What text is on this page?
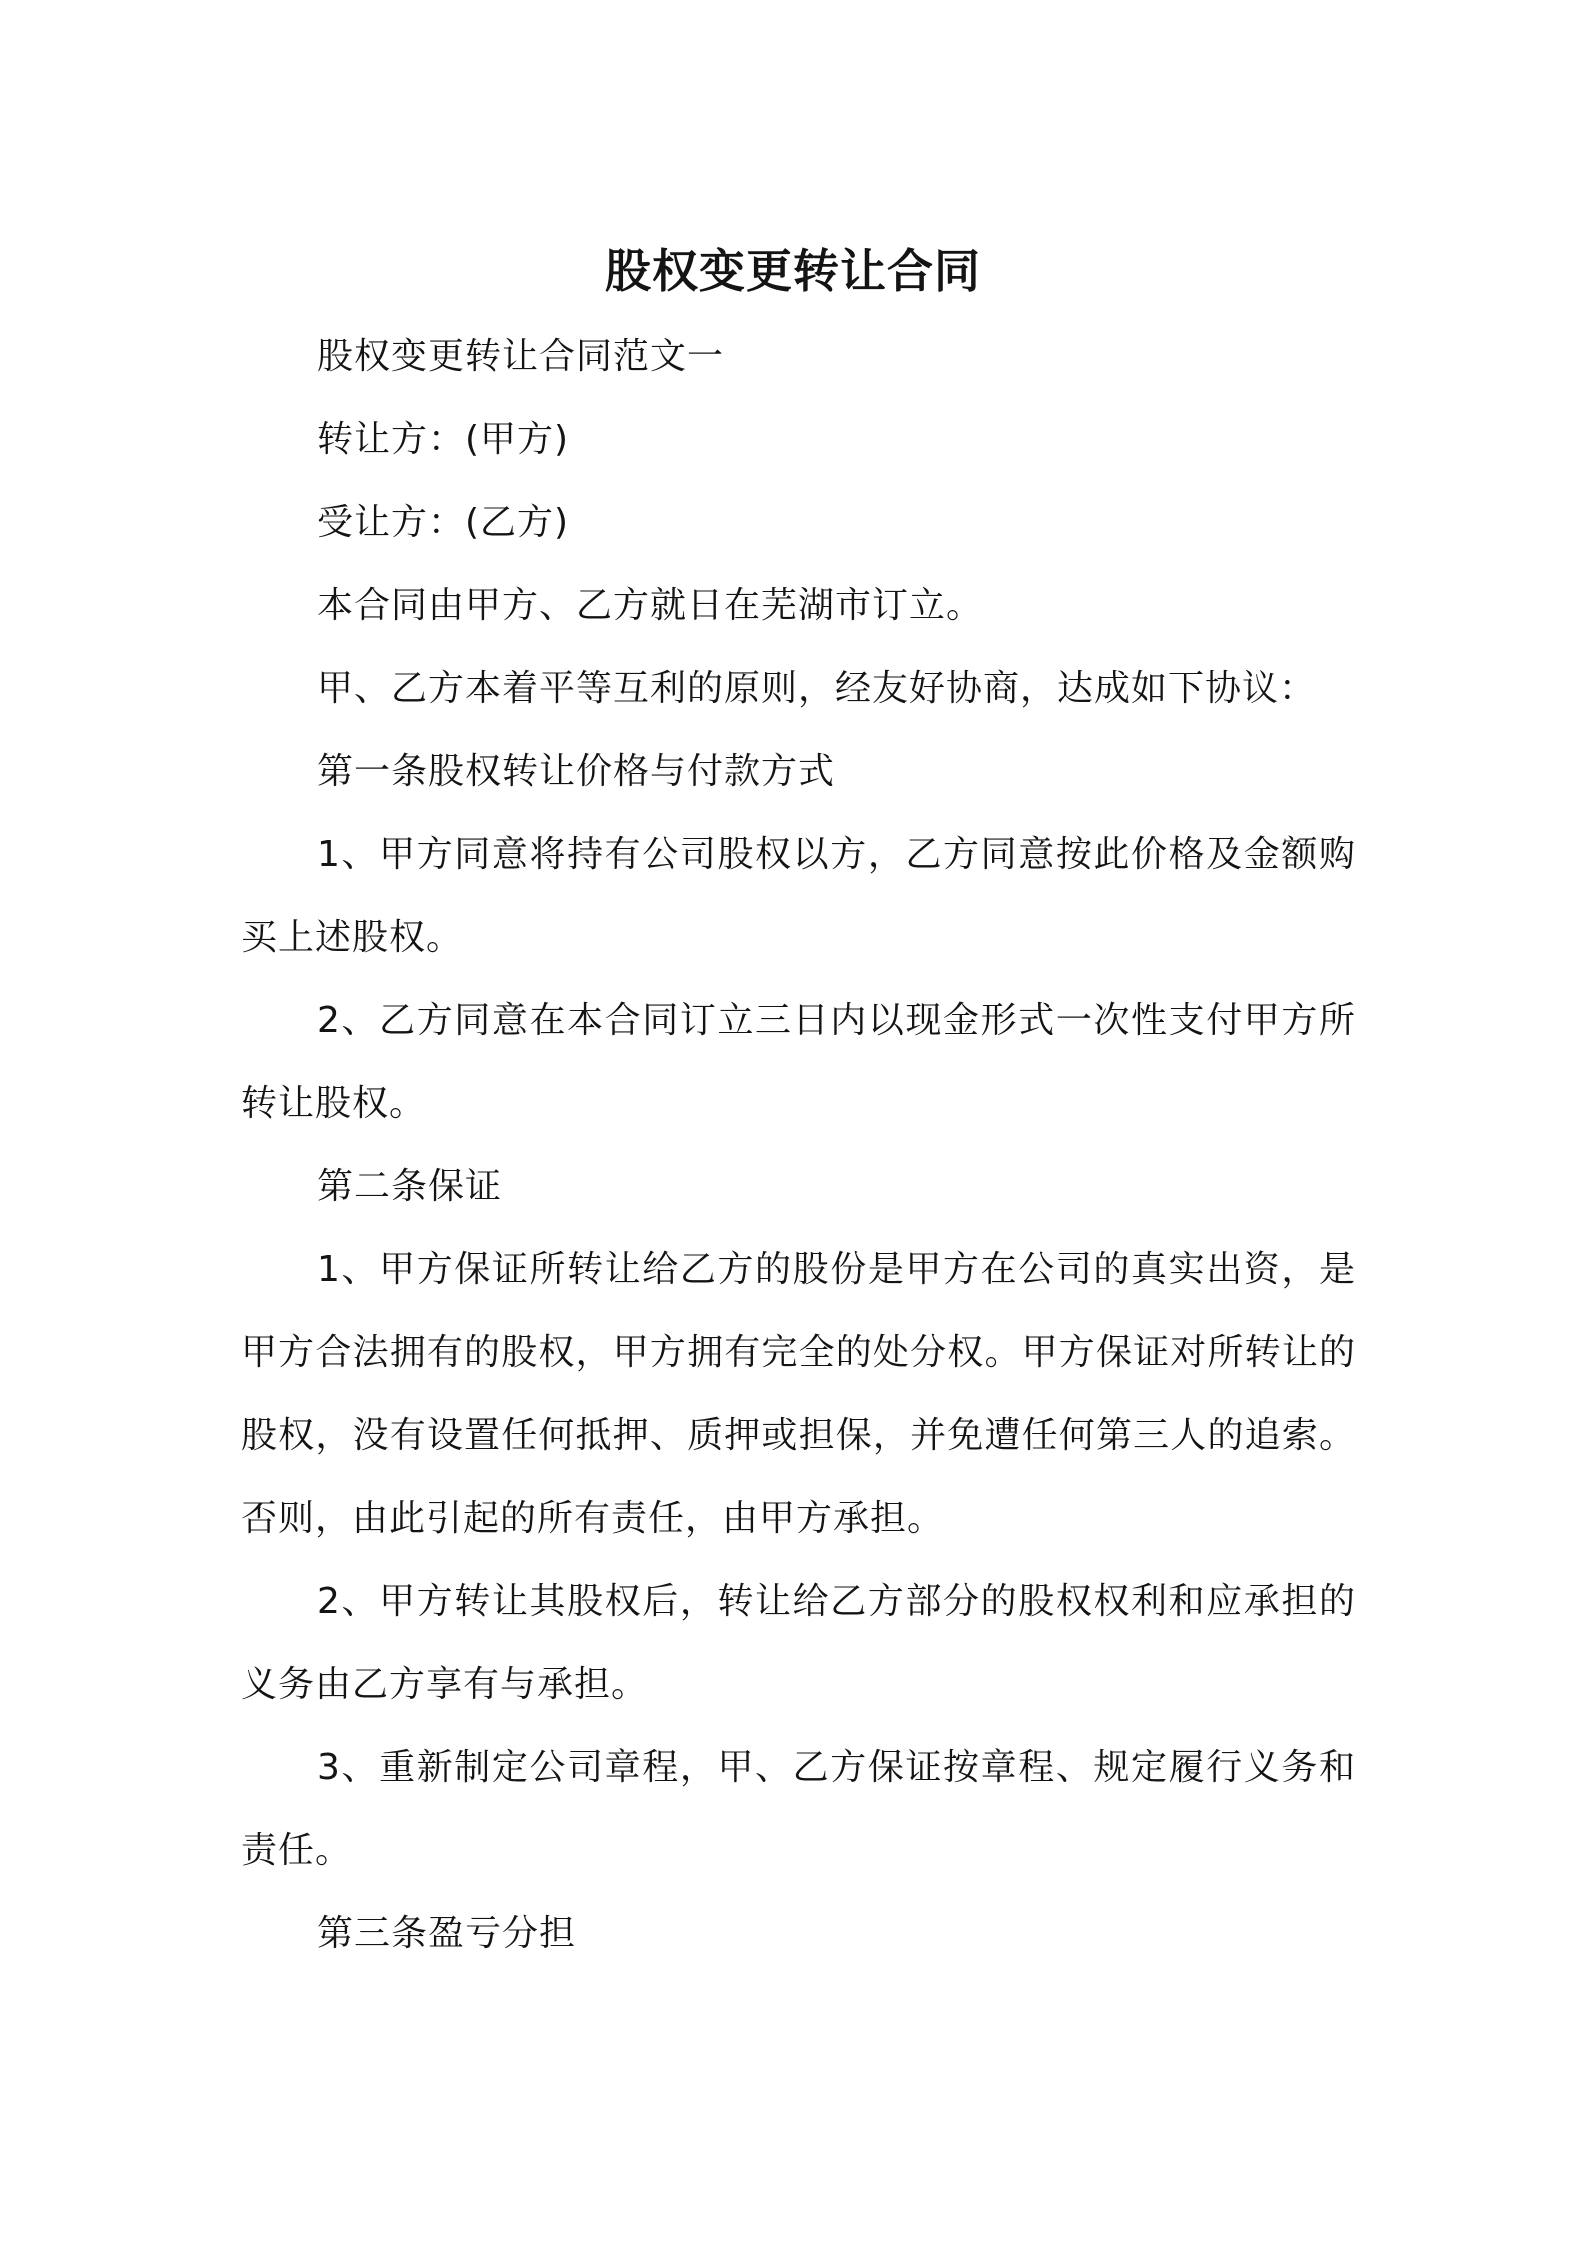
股权变更转让合同

股权变更转让合同范文一

转让方：(甲方)

受让方：(乙方)

本合同由甲方、乙方就日在芜湖市订立。

甲、乙方本着平等互利的原则，经友好协商，达成如下协议：

第一条股权转让价格与付款方式

1、甲方同意将持有公司股权以方，乙方同意按此价格及金额购买上述股权。

2、乙方同意在本合同订立三日内以现金形式一次性支付甲方所转让股权。

第二条保证

1、甲方保证所转让给乙方的股份是甲方在公司的真实出资，是甲方合法拥有的股权，甲方拥有完全的处分权。甲方保证对所转让的股权，没有设置任何抵押、质押或担保，并免遭任何第三人的追索。否则，由此引起的所有责任，由甲方承担。

2、甲方转让其股权后，转让给乙方部分的股权权利和应承担的义务由乙方享有与承担。

3、重新制定公司章程，甲、乙方保证按章程、规定履行义务和责任。

第三条盈亏分担
